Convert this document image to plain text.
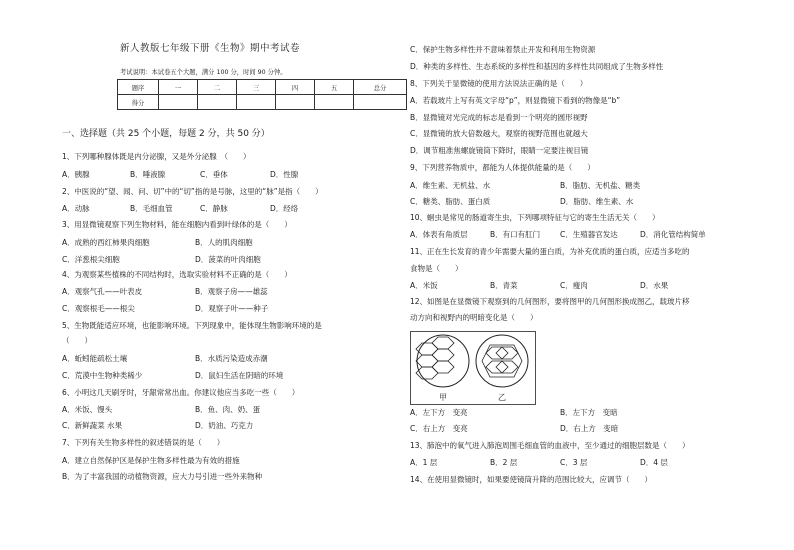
新人教版七年级下册《生物》期中考试卷
考试说明：本试卷五个大题，满分 100 分，时间 90 分钟。
题序	一	二	三	四	五	总分
得分						
一、选择题（共 25 个小题，每题 2 分，共 50 分）
1、下列哪种腺体既是内分泌腺，又是外分泌腺　（　　）
A．胰腺	B．唾液腺	C．垂体	D．性腺
2、中医说的“望、闻、问、切”中的“切”指的是号脉，这里的“脉”是指（　　）
A．动脉	B．毛细血管	C．静脉	D．经络
3、用显微镜观察下列生物材料，能在细胞内看到叶绿体的是（　　）
A．成熟的西红柿果肉细胞	B．人的肌肉细胞
C．洋葱根尖细胞	D．菠菜的叶肉细胞
4、为观察某些植株的不同结构时，选取实验材料不正确的是（　　）
A．观察气孔——叶表皮	B．观察子房——雄蕊
C．观察根毛——根尖	D．观察子叶——种子
5、生物既能适应环境，也能影响环境。下列现象中，能体现生物影响环境的是
（　　）
A．蚯蚓能疏松土壤	B．水质污染造成赤潮
C．荒漠中生物种类稀少	D．鼠妇生活在阴暗的环境
6、小明这几天刷牙时，牙龈常常出血。你建议他应当多吃一些（　　）
A．米饭、馒头	B．鱼、肉、奶、蛋
C．新鲜蔬菜 水果	D．奶油、巧克力
7、下列有关生物多样性的叙述错误的是（　　）
A．建立自然保护区是保护生物多样性最为有效的措施
B．为了丰富我国的动植物资源，应大力号引进一些外来物种
C．保护生物多样性并不意味着禁止开发和利用生物资源
D．种类的多样性、生态系统的多样性和基因的多样性共同组成了生物多样性
8、下列关于显微镜的使用方法说法正确的是（　　）
A．若载玻片上写有英文字母“p”，则显微镜下看到的物像是“b”
B．显微镜对光完成的标志是看到一个明亮的圆形视野
C．显微镜的放大倍数越大，观察的视野范围也就越大
D．调节粗准焦螺旋镜筒下降时，眼睛一定要注视目镜
9、下列营养物质中，都能为人体提供能量的是（　　）
A．维生素、无机盐、水	B．脂肪、无机盐、糖类
C．糖类、脂肪、蛋白质	D．脂肪、维生素、水
10、蛔虫是常见的肠道寄生虫，下列哪项特征与它的寄生生活无关（　　）
A．体表有角质层	B．有口有肛门	C．生殖器官发达	D．消化管结构简单
11、正在生长发育的青少年需要大量的蛋白质，为补充优质的蛋白质，应适当多吃的
食物是（　　）
A．米饭	B．青菜	C．瘦肉	D．水果
12、如图是在显微镜下观察到的几何图形，要将图甲的几何图形换成图乙，载玻片移
动方向和视野内的明暗变化是（　　）
甲	乙
A．左下方　变亮	B．左下方　变暗
C．右上方　变亮	D．右上方　变暗
13、肺泡中的氧气进入肺泡周围毛细血管的血液中，至少通过的细胞层数是（　　）
A．1 层	B．2 层	C．3 层	D．4 层
14、在使用显微镜时，如果要使镜筒升降的范围比较大，应调节（　　）
